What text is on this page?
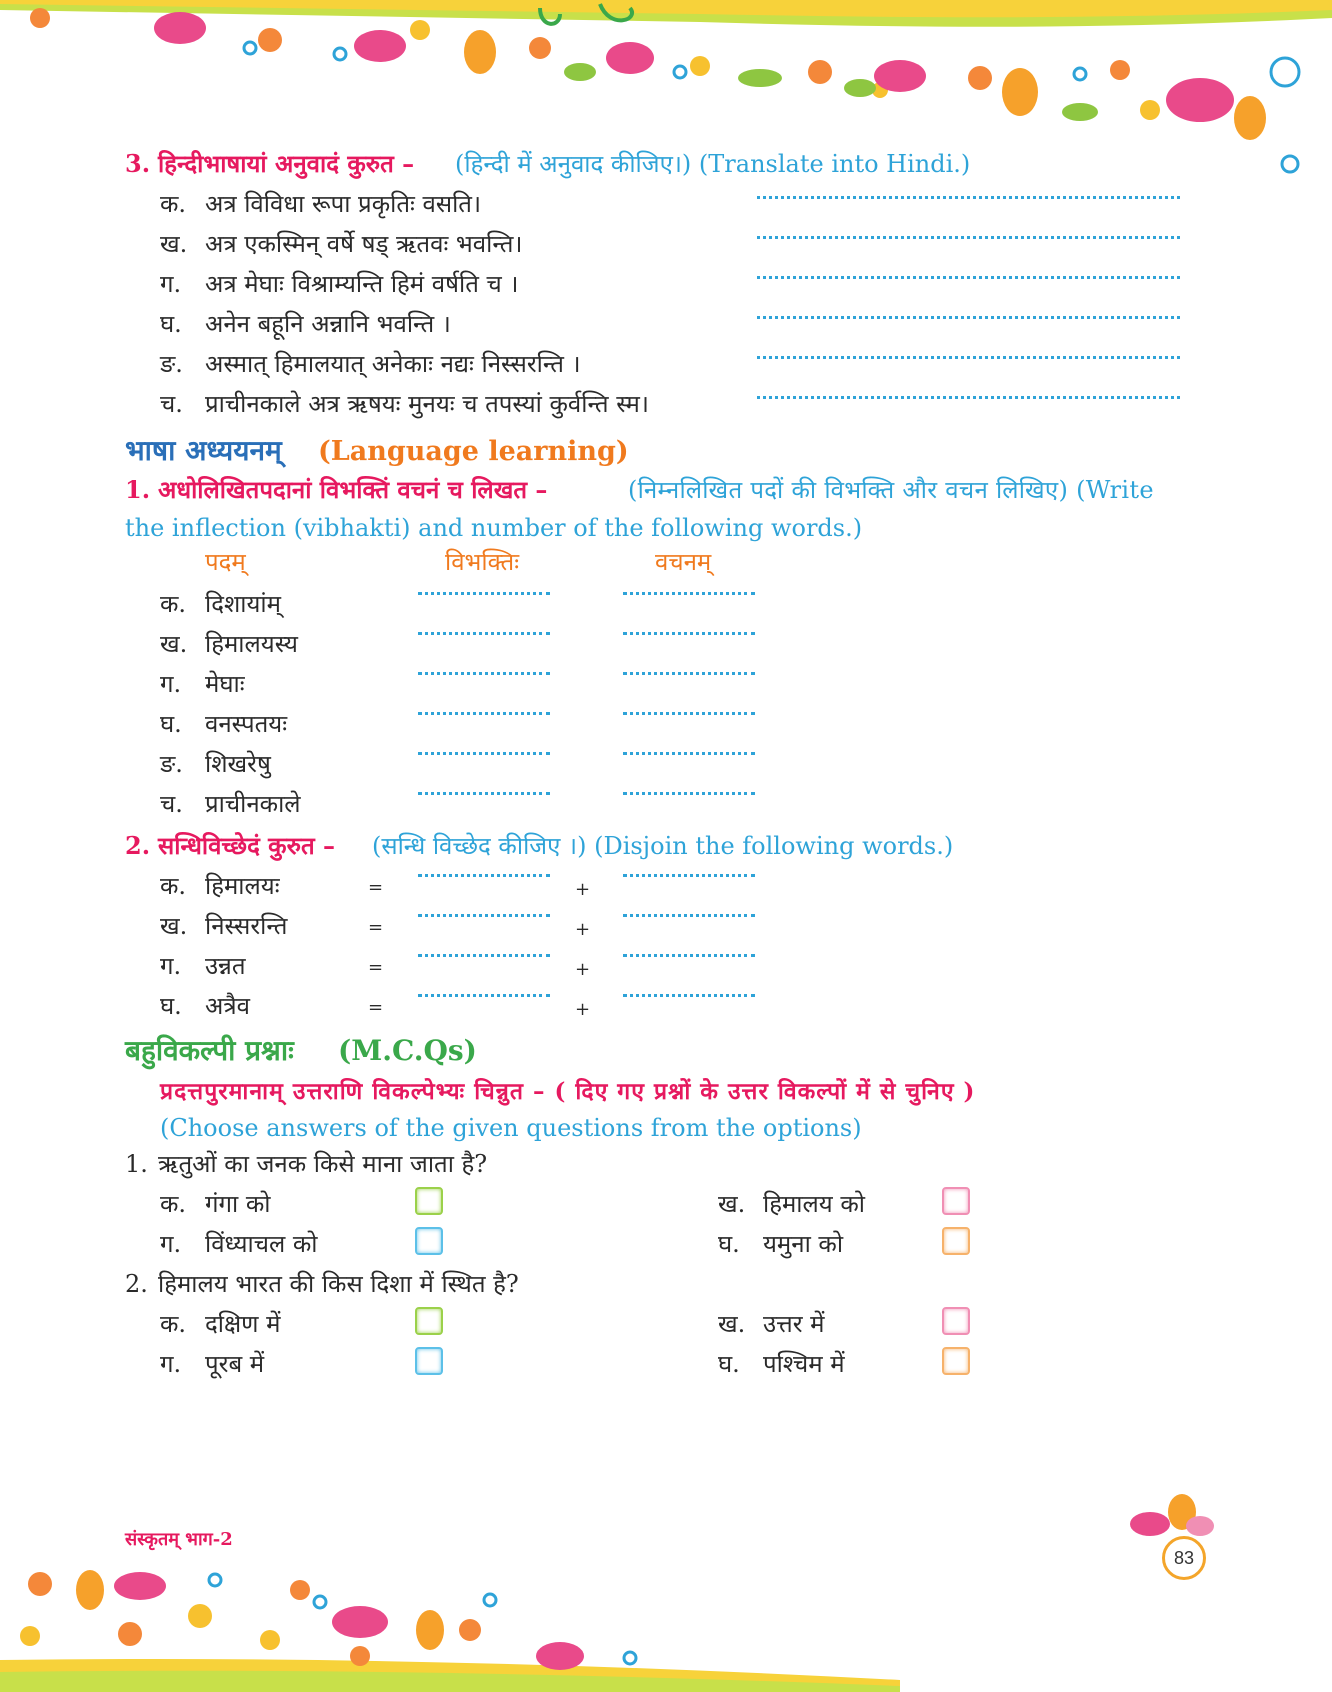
3. हिन्दीभाषायां अनुवादं कुरुत – (हिन्दी में अनुवाद कीजिए।) (Translate into Hindi.)
क. अत्र विविधा रूपा प्रकृतिः वसति।
ख. अत्र एकस्मिन् वर्षे षड् ऋतवः भवन्ति।
ग. अत्र मेघाः विश्राम्यन्ति हिमं वर्षति च ।
घ. अनेन बहूनि अन्नानि भवन्ति ।
ङ. अस्मात् हिमालयात् अनेकाः नद्यः निस्सरन्ति ।
च. प्राचीनकाले अत्र ऋषयः मुनयः च तपस्यां कुर्वन्ति स्म।
भाषा अध्ययनम् (Language learning)
1. अधोलिखितपदानां विभक्तिं वचनं च लिखत –	(निम्नलिखित पदों की विभक्ति और वचन लिखिए) (Write
the inflection (vibhakti) and number of the following words.)
पदम्	विभक्तिः	वचनम्
क. दिशायांम्
ख. हिमालयस्य
ग. मेघाः
घ. वनस्पतयः
ङ. शिखरेषु
च. प्राचीनकाले
2. सन्धिविच्छेदं कुरुत – (सन्धि विच्छेद कीजिए ।) (Disjoin the following words.)
क. हिमालयः	=	+
ख. निस्सरन्ति	=	+
ग. उन्नत	=	+
घ. अत्रैव	=	+
बहुविकल्पी प्रश्नाः (M.C.Qs)
प्रदत्तपुरमानाम् उत्तराणि विकल्पेभ्यः चिन्नुत – ( दिए गए प्रश्नों के उत्तर विकल्पों में से चुनिए )
(Choose answers of the given questions from the options)
1. ऋतुओं का जनक किसे माना जाता है?
क. गंगा को	ख. हिमालय को
ग. विंध्याचल को	घ. यमुना को
2. हिमालय भारत की किस दिशा में स्थित है?
क. दक्षिण में	ख. उत्तर में
ग. पूरब में	घ. पश्चिम में
संस्कृतम् भाग-2
83
